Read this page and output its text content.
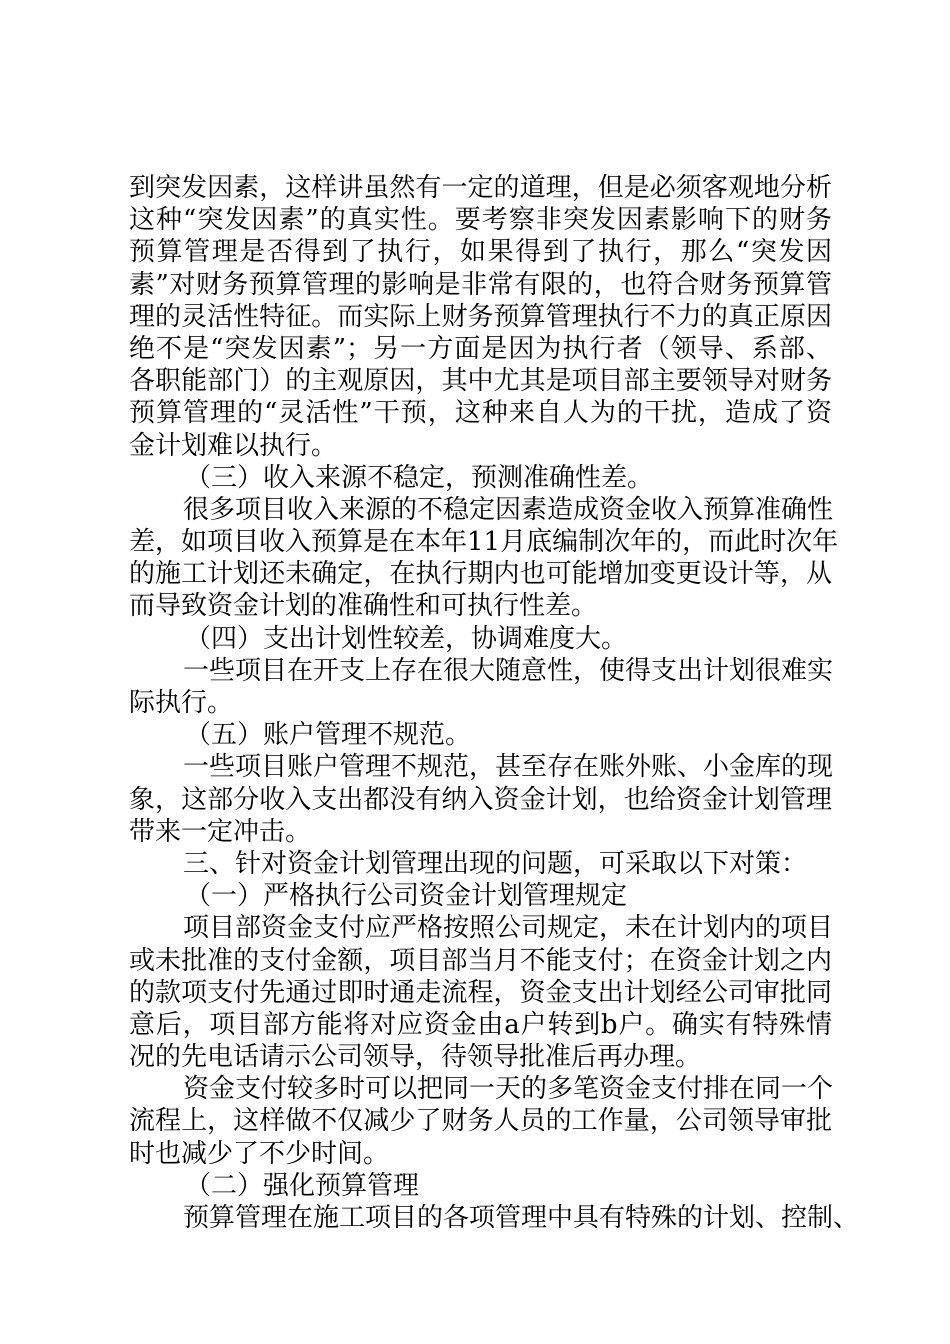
到突发因素，这样讲虽然有一定的道理，但是必须客观地分析
这种“突发因素”的真实性。要考察非突发因素影响下的财务
预算管理是否得到了执行，如果得到了执行，那么“突发因
素”对财务预算管理的影响是非常有限的，也符合财务预算管
理的灵活性特征。而实际上财务预算管理执行不力的真正原因
绝不是“突发因素”；另一方面是因为执行者（领导、系部、
各职能部门）的主观原因，其中尤其是项目部主要领导对财务
预算管理的“灵活性”干预，这种来自人为的干扰，造成了资
金计划难以执行。
（三）收入来源不稳定，预测准确性差。
很多项目收入来源的不稳定因素造成资金收入预算准确性
差，如项目收入预算是在本年11月底编制次年的，而此时次年
的施工计划还未确定，在执行期内也可能增加变更设计等，从
而导致资金计划的准确性和可执行性差。
（四）支出计划性较差，协调难度大。
一些项目在开支上存在很大随意性，使得支出计划很难实
际执行。
（五）账户管理不规范。
一些项目账户管理不规范，甚至存在账外账、小金库的现
象，这部分收入支出都没有纳入资金计划，也给资金计划管理
带来一定冲击。
三、针对资金计划管理出现的问题，可采取以下对策：
（一）严格执行公司资金计划管理规定
项目部资金支付应严格按照公司规定，未在计划内的项目
或未批准的支付金额，项目部当月不能支付；在资金计划之内
的款项支付先通过即时通走流程，资金支出计划经公司审批同
意后，项目部方能将对应资金由a户转到b户。确实有特殊情
况的先电话请示公司领导，待领导批准后再办理。
资金支付较多时可以把同一天的多笔资金支付排在同一个
流程上，这样做不仅减少了财务人员的工作量，公司领导审批
时也减少了不少时间。
（二）强化预算管理
预算管理在施工项目的各项管理中具有特殊的计划、控制、
